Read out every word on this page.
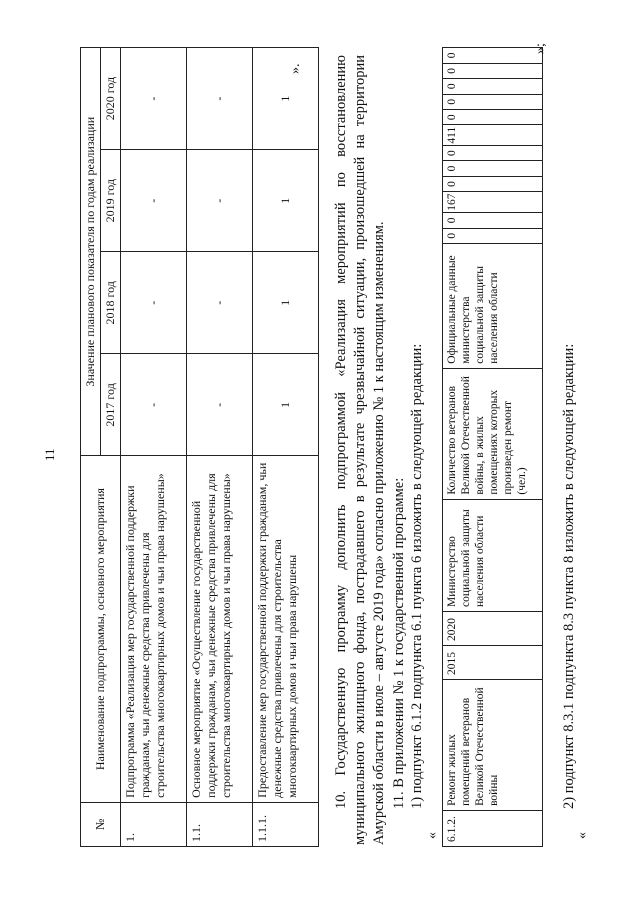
11
№	Наименование подпрограммы, основного мероприятия	Значение планового показателя по годам реализации			
		2017 год	2018 год	2019 год	2020 год
1.	Подпрограмма «Реализация мер государственной поддержки гражданам, чьи денежные средства привлечены для строительства многоквартирных домов и чьи права нарушены»	-	-	-	-
1.1.	Основное мероприятие «Осуществление государственной поддержки гражданам, чьи денежные средства привлечены для строительства многоквартирных домов и чьи права нарушены»	-	-	-	-
1.1.1.	Предоставление мер государственной поддержки гражданам, чьи денежные средства привлечены для строительства многоквартирных домов и чьи права нарушены	1	1	1	1
». 10. Государственную программу дополнить подпрограммой «Реализация мероприятий по восстановлению муниципального жилищного фонда, пострадавшего в результате чрезвычайной ситуации, произошедшей на территории Амурской области в июле – августе 2019 года» согласно приложению № 1 к настоящим изменениям. 11. В приложении № 1 к государственной программе: 1) подпункт 6.1.2 подпункта 6.1 пункта 6 изложить в следующей редакции:
« 6.1.2.	Ремонт жилых помещений ветеранов Великой Отечественной войны	2015	2020	Министерство социальной защиты населения области	Количество ветеранов Великой Отечественной войны, в жилых помещениях которых произведен ремонт (чел.)	Официальные данные министерства социальной защиты населения области	0	0	167	0	0	0	411	0	0	0	0	0
»;
2) подпункт 8.3.1 подпункта 8.3 пункта 8 изложить в следующей редакции:
«
